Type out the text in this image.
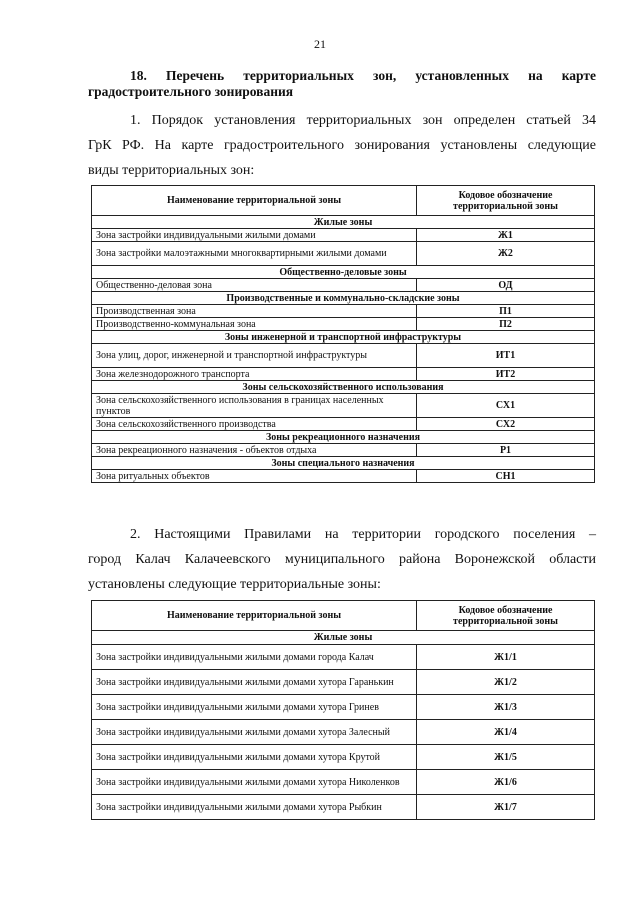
21
18. Перечень территориальных зон, установленных на карте
градостроительного зонирования
1. Порядок установления территориальных зон определен статьей 34
ГрК РФ. На карте градостроительного зонирования установлены следующие
виды территориальных зон:
Наименование территориальной зоны	Кодовое обозначение территориальной зоны
Жилые зоны	
Зона застройки индивидуальными жилыми домами	Ж1
Зона застройки малоэтажными многоквартирными жилыми домами	Ж2
Общественно-деловые зоны	
Общественно-деловая зона	ОД
Производственные и коммунально-складские зоны	
Производственная зона	П1
Производственно-коммунальная зона	П2
Зоны инженерной и транспортной инфраструктуры	
Зона улиц, дорог, инженерной и транспортной инфраструктуры	ИТ1
Зона железнодорожного транспорта	ИТ2
Зоны сельскохозяйственного использования	
Зона сельскохозяйственного использования в границах населенных пунктов	СХ1
Зона сельскохозяйственного производства	СХ2
Зоны рекреационного назначения	
Зона рекреационного назначения - объектов отдыха	Р1
Зоны специального назначения	
Зона ритуальных объектов	СН1
2. Настоящими Правилами на территории городского поселения –
город Калач Калачеевского муниципального района Воронежской области
установлены следующие территориальные зоны:
Наименование территориальной зоны	Кодовое обозначение территориальной зоны
Жилые зоны	
Зона застройки индивидуальными жилыми домами города Калач	Ж1/1
Зона застройки индивидуальными жилыми домами хутора Гаранькин	Ж1/2
Зона застройки индивидуальными жилыми домами хутора Гринев	Ж1/3
Зона застройки индивидуальными жилыми домами хутора Залесный	Ж1/4
Зона застройки индивидуальными жилыми домами хутора Крутой	Ж1/5
Зона застройки индивидуальными жилыми домами хутора Николенков	Ж1/6
Зона застройки индивидуальными жилыми домами хутора Рыбкин	Ж1/7
